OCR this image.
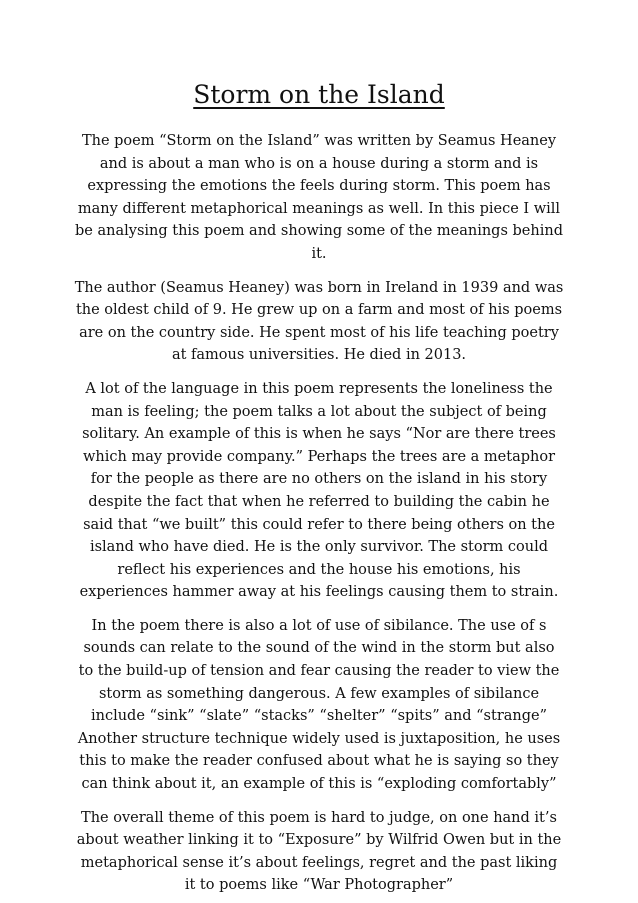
Storm on the Island

The poem “Storm on the Island” was written by Seamus Heaney and is about a man who is on a house during a storm and is expressing the emotions the feels during storm. This poem has many different metaphorical meanings as well. In this piece I will be analysing this poem and showing some of the meanings behind it.

The author (Seamus Heaney) was born in Ireland in 1939 and was the oldest child of 9. He grew up on a farm and most of his poems are on the country side. He spent most of his life teaching poetry at famous universities. He died in 2013.

A lot of the language in this poem represents the loneliness the man is feeling; the poem talks a lot about the subject of being solitary. An example of this is when he says “Nor are there trees which may provide company.” Perhaps the trees are a metaphor for the people as there are no others on the island in his story despite the fact that when he referred to building the cabin he said that “we built” this could refer to there being others on the island who have died. He is the only survivor. The storm could reflect his experiences and the house his emotions, his experiences hammer away at his feelings causing them to strain.

In the poem there is also a lot of use of sibilance. The use of s sounds can relate to the sound of the wind in the storm but also to the build-up of tension and fear causing the reader to view the storm as something dangerous. A few examples of sibilance include “sink” “slate” “stacks” “shelter” “spits” and “strange” Another structure technique widely used is juxtaposition, he uses this to make the reader confused about what he is saying so they can think about it, an example of this is “exploding comfortably”

The overall theme of this poem is hard to judge, on one hand it’s about weather linking it to “Exposure” by Wilfrid Owen but in the metaphorical sense it’s about feelings, regret and the past liking it to poems like “War Photographer”
